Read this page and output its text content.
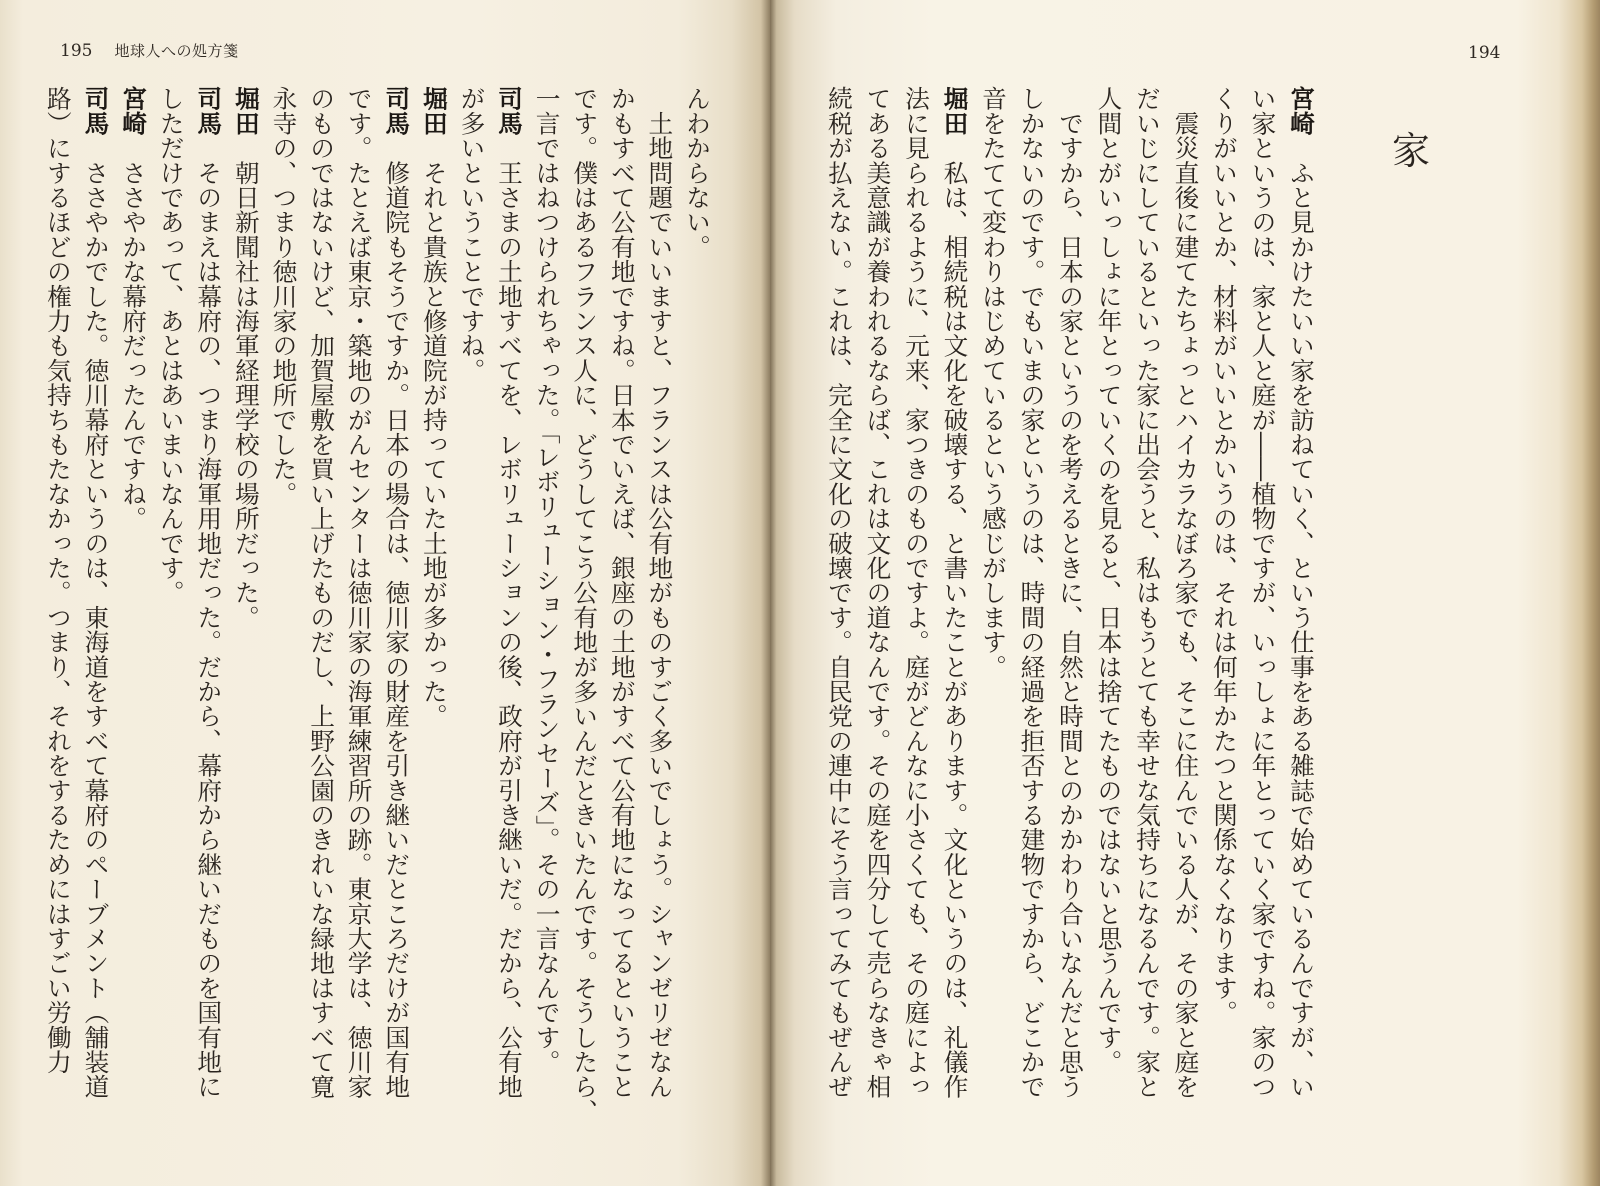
195 地球人への処方箋
んわからない。
　土地問題でいいますと、フランスは公有地がものすごく多いでしょう。シャンゼリゼなん
かもすべて公有地ですね。日本でいえば、銀座の土地がすべて公有地になってるということ
です。僕はあるフランス人に、どうしてこう公有地が多いんだときいたんです。そうしたら、
一言ではねつけられちゃった。「レボリューション・フランセーズ」。その一言なんです。
司馬　王さまの土地すべてを、レボリューションの後、政府が引き継いだ。だから、公有地
が多いということですね。
堀田　それと貴族と修道院が持っていた土地が多かった。
司馬　修道院もそうですか。日本の場合は、徳川家の財産を引き継いだところだけが国有地
です。たとえば東京・築地のがんセンターは徳川家の海軍練習所の跡。東京大学は、徳川家
のものではないけど、加賀屋敷を買い上げたものだし、上野公園のきれいな緑地はすべて寛
永寺の、つまり徳川家の地所でした。
堀田　朝日新聞社は海軍経理学校の場所だった。
司馬　そのまえは幕府の、つまり海軍用地だった。だから、幕府から継いだものを国有地に
しただけであって、あとはあいまいなんです。
宮崎　ささやかな幕府だったんですね。
司馬　ささやかでした。徳川幕府というのは、東海道をすべて幕府のペーブメント（舗装道
路）にするほどの権力も気持ちもたなかった。つまり、それをするためにはすごい労働力
194
家
宮崎　ふと見かけたいい家を訪ねていく、という仕事をある雑誌で始めているんですが、い
い家というのは、家と人と庭が――植物ですが、いっしょに年とっていく家ですね。家のつ
くりがいいとか、材料がいいとかいうのは、それは何年かたつと関係なくなります。
　震災直後に建てたちょっとハイカラなぼろ家でも、そこに住んでいる人が、その家と庭を
だいじにしているといった家に出会うと、私はもうとても幸せな気持ちになるんです。家と
人間とがいっしょに年とっていくのを見ると、日本は捨てたものではないと思うんです。
　ですから、日本の家というのを考えるときに、自然と時間とのかかわり合いなんだと思う
しかないのです。でもいまの家というのは、時間の経過を拒否する建物ですから、どこかで
音をたてて変わりはじめているという感じがします。
堀田　私は、相続税は文化を破壊する、と書いたことがあります。文化というのは、礼儀作
法に見られるように、元来、家つきのものですよ。庭がどんなに小さくても、その庭によっ
てある美意識が養われるならば、これは文化の道なんです。その庭を四分して売らなきゃ相
続税が払えない。これは、完全に文化の破壊です。自民党の連中にそう言ってみてもぜんぜ
